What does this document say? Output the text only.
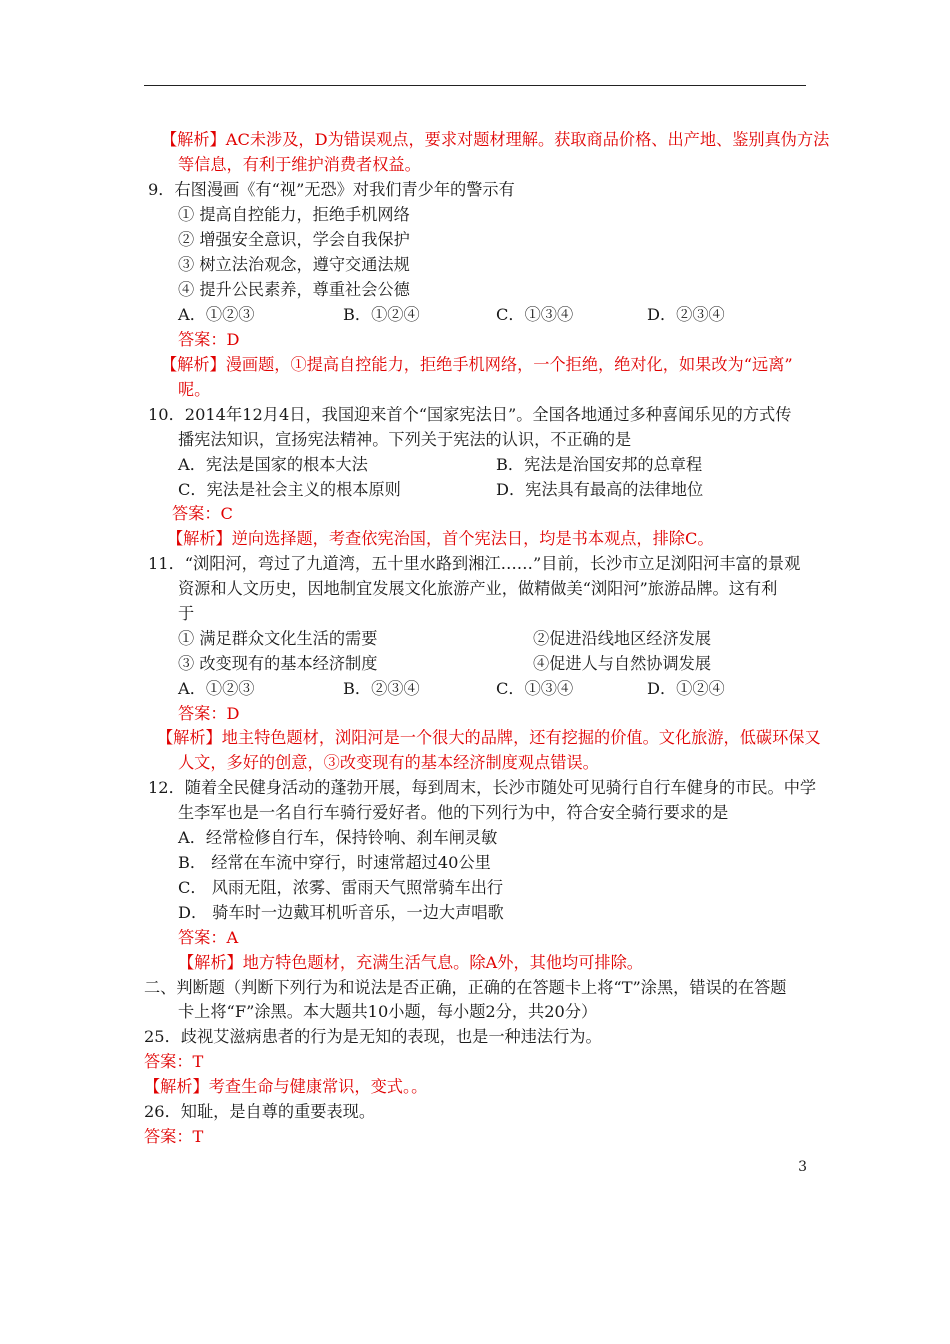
【解析】AC未涉及，D为错误观点，要求对题材理解。获取商品价格、出产地、鉴别真伪方法
等信息，有利于维护消费者权益。
9．右图漫画《有“视”无恐》对我们青少年的警示有
① 提高自控能力，拒绝手机网络
② 增强安全意识，学会自我保护
③ 树立法治观念，遵守交通法规
④ 提升公民素养，尊重社会公德
A．①②③	B．①②④	C．①③④	D．②③④
答案：D
【解析】漫画题，①提高自控能力，拒绝手机网络，一个拒绝，绝对化，如果改为“远离”
呢。
10．2014年12月4日，我国迎来首个“国家宪法日”。全国各地通过多种喜闻乐见的方式传
播宪法知识，宣扬宪法精神。下列关于宪法的认识，不正确的是
A．宪法是国家的根本大法	B．宪法是治国安邦的总章程
C．宪法是社会主义的根本原则	D．宪法具有最高的法律地位
答案：C
【解析】逆向选择题，考查依宪治国，首个宪法日，均是书本观点，排除C。
11．“浏阳河，弯过了九道湾，五十里水路到湘江……”目前，长沙市立足浏阳河丰富的景观
资源和人文历史，因地制宜发展文化旅游产业，做精做美“浏阳河”旅游品牌。这有利
于
① 满足群众文化生活的需要	②促进沿线地区经济发展
③ 改变现有的基本经济制度	④促进人与自然协调发展
A．①②③	B．②③④	C．①③④	D．①②④
答案：D
【解析】地主特色题材，浏阳河是一个很大的品牌，还有挖掘的价值。文化旅游，低碳环保又
人文，多好的创意，③改变现有的基本经济制度观点错误。
12．随着全民健身活动的蓬勃开展，每到周末，长沙市随处可见骑行自行车健身的市民。中学
生李军也是一名自行车骑行爱好者。他的下列行为中，符合安全骑行要求的是
A．经常检修自行车，保持铃响、刹车闸灵敏
B． 经常在车流中穿行，时速常超过40公里
C． 风雨无阻，浓雾、雷雨天气照常骑车出行
D． 骑车时一边戴耳机听音乐，一边大声唱歌
答案：A
【解析】地方特色题材，充满生活气息。除A外，其他均可排除。
二、判断题（判断下列行为和说法是否正确，正确的在答题卡上将“T”涂黑，错误的在答题
卡上将“F”涂黑。本大题共10小题，每小题2分，共20分）
25．歧视艾滋病患者的行为是无知的表现，也是一种违法行为。
答案：T
【解析】考查生命与健康常识，变式。。
26．知耻，是自尊的重要表现。
答案：T
3
